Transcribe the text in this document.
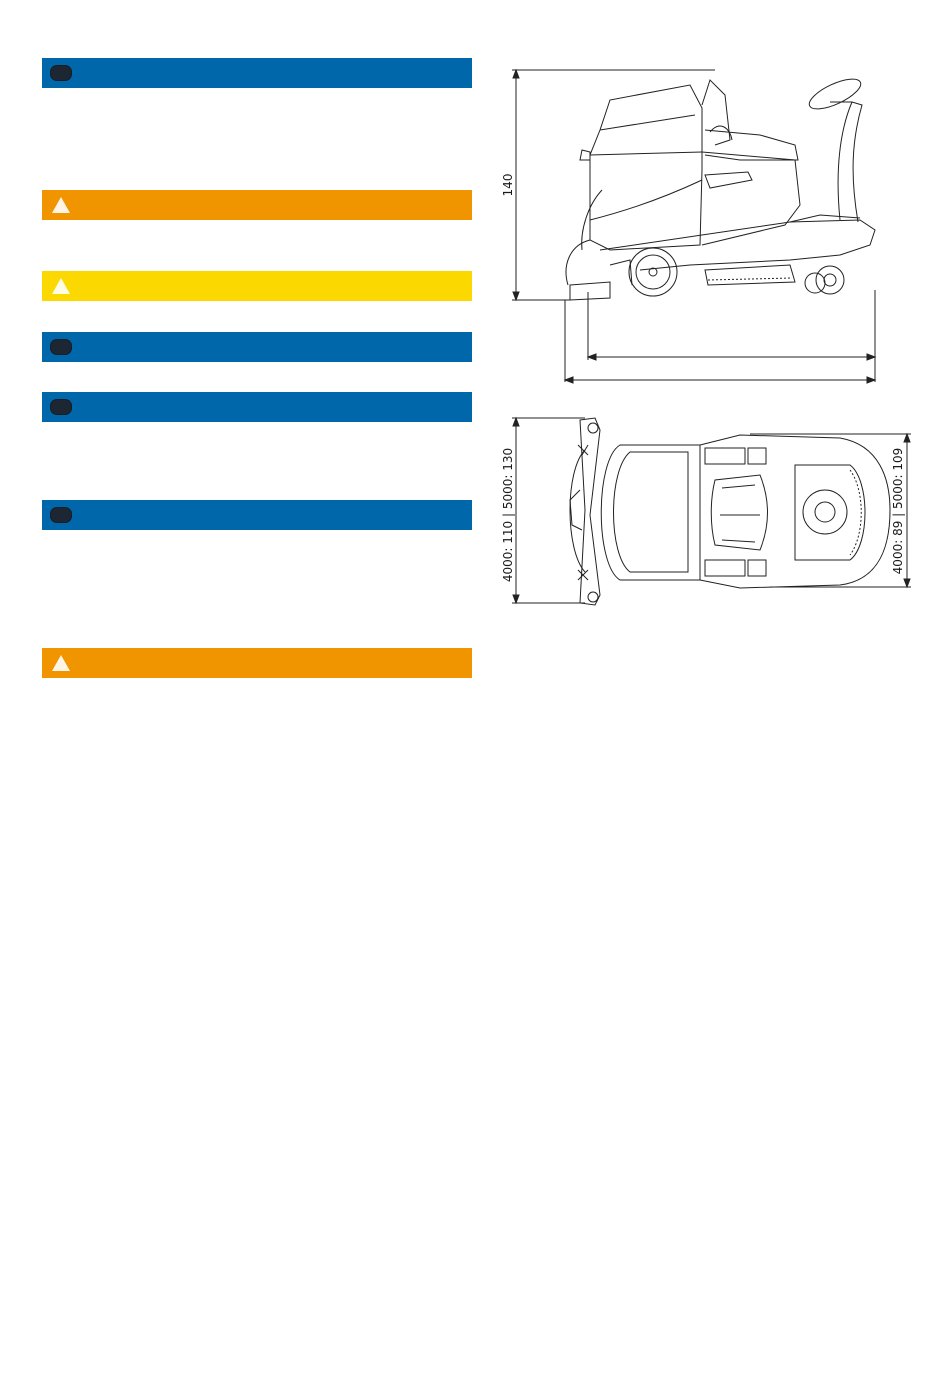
140
4000: 110 | 5000: 130	4000: 89 | 5000: 109
